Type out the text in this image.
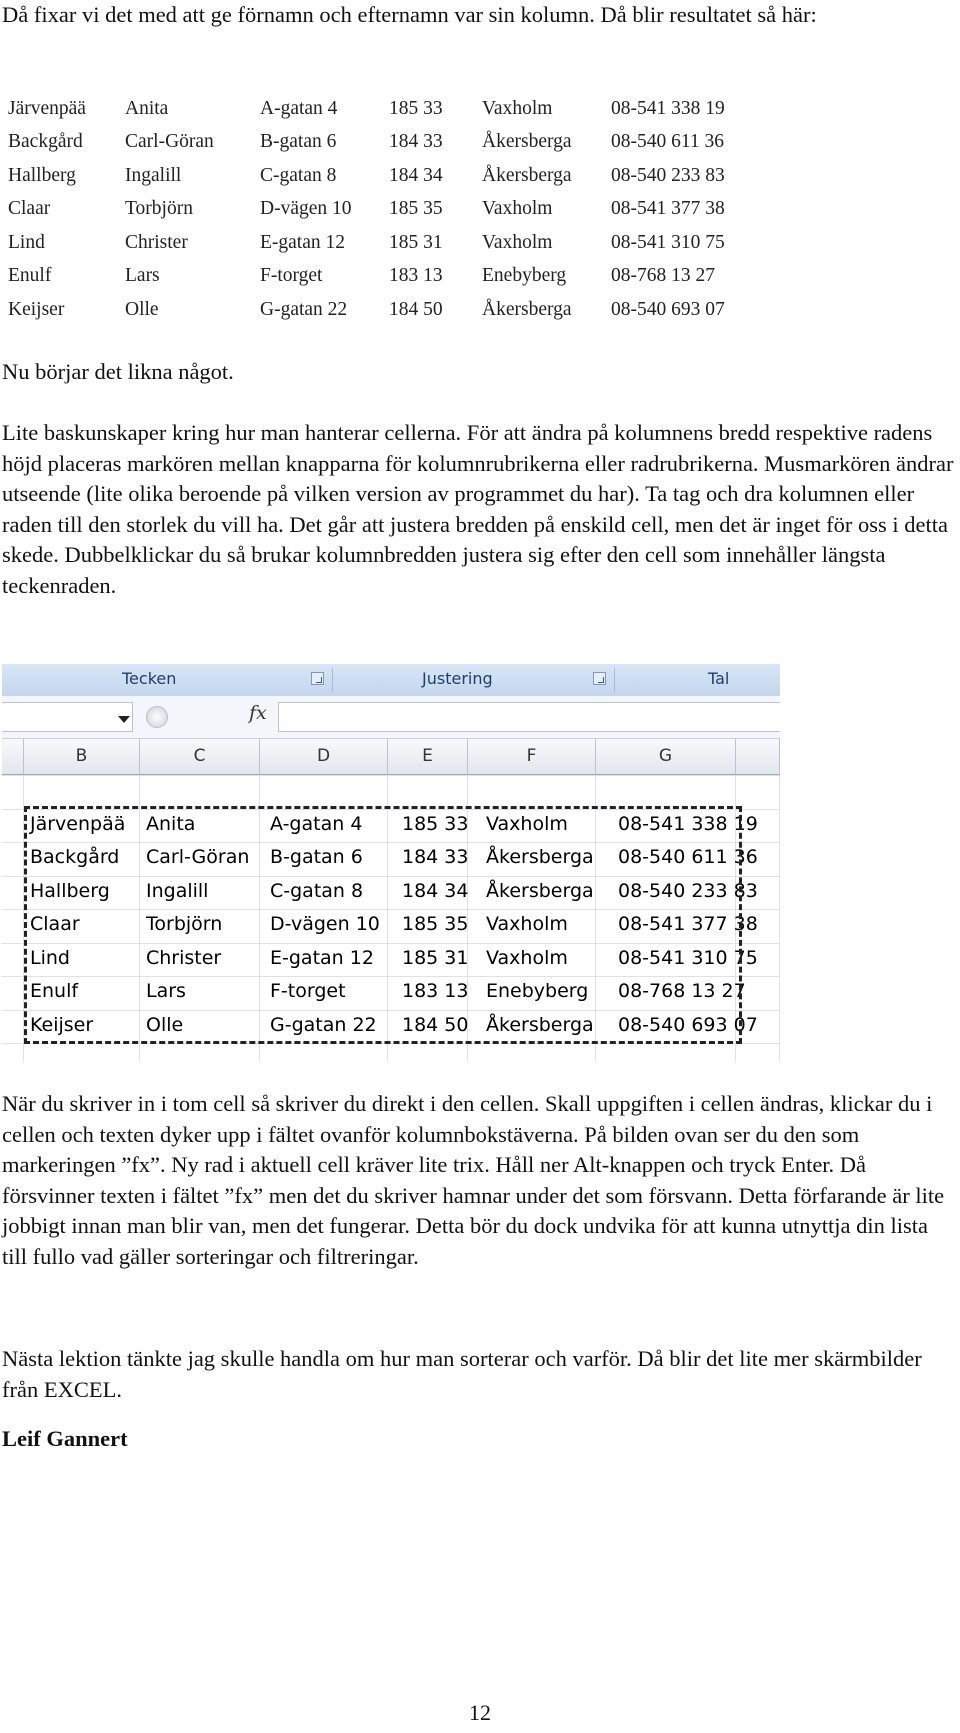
Då fixar vi det med att ge förnamn och efternamn var sin kolumn. Då blir resultatet så här:

Järvenpää	Anita	A-gatan 4	185 33	Vaxholm	08-541 338 19
Backgård	Carl-Göran	B-gatan 6	184 33	Åkersberga	08-540 611 36
Hallberg	Ingalill	C-gatan 8	184 34	Åkersberga	08-540 233 83
Claar	Torbjörn	D-vägen 10	185 35	Vaxholm	08-541 377 38
Lind	Christer	E-gatan 12	185 31	Vaxholm	08-541 310 75
Enulf	Lars	F-torget	183 13	Enebyberg	08-768 13 27
Keijser	Olle	G-gatan 22	184 50	Åkersberga	08-540 693 07

Nu börjar det likna något.

Lite baskunskaper kring hur man hanterar cellerna. För att ändra på kolumnens bredd respektive radens höjd placeras markören mellan knapparna för kolumnrubrikerna eller radrubrikerna. Musmarkören ändrar utseende (lite olika beroende på vilken version av programmet du har). Ta tag och dra kolumnen eller raden till den storlek du vill ha. Det går att justera bredden på enskild cell, men det är inget för oss i detta skede. Dubbelklickar du så brukar kolumnbredden justera sig efter den cell som innehåller längsta teckenraden.

Tecken	Justering	Tal
fx
B	C	D	E	F	G
Järvenpää	Anita	A-gatan 4	185 33	Vaxholm	08-541 338 19
Backgård	Carl-Göran	B-gatan 6	184 33	Åkersberga	08-540 611 36
Hallberg	Ingalill	C-gatan 8	184 34	Åkersberga	08-540 233 83
Claar	Torbjörn	D-vägen 10	185 35	Vaxholm	08-541 377 38
Lind	Christer	E-gatan 12	185 31	Vaxholm	08-541 310 75
Enulf	Lars	F-torget	183 13	Enebyberg	08-768 13 27
Keijser	Olle	G-gatan 22	184 50	Åkersberga	08-540 693 07

När du skriver in i tom cell så skriver du direkt i den cellen. Skall uppgiften i cellen ändras, klickar du i cellen och texten dyker upp i fältet ovanför kolumnbokstäverna. På bilden ovan ser du den som markeringen ”fx”. Ny rad i aktuell cell kräver lite trix. Håll ner Alt-knappen och tryck Enter. Då försvinner texten i fältet ”fx” men det du skriver hamnar under det som försvann. Detta förfarande är lite jobbigt innan man blir van, men det fungerar. Detta bör du dock undvika för att kunna utnyttja din lista till fullo vad gäller sorteringar och filtreringar.

Nästa lektion tänkte jag skulle handla om hur man sorterar och varför. Då blir det lite mer skärmbilder från EXCEL.

Leif Gannert
12
